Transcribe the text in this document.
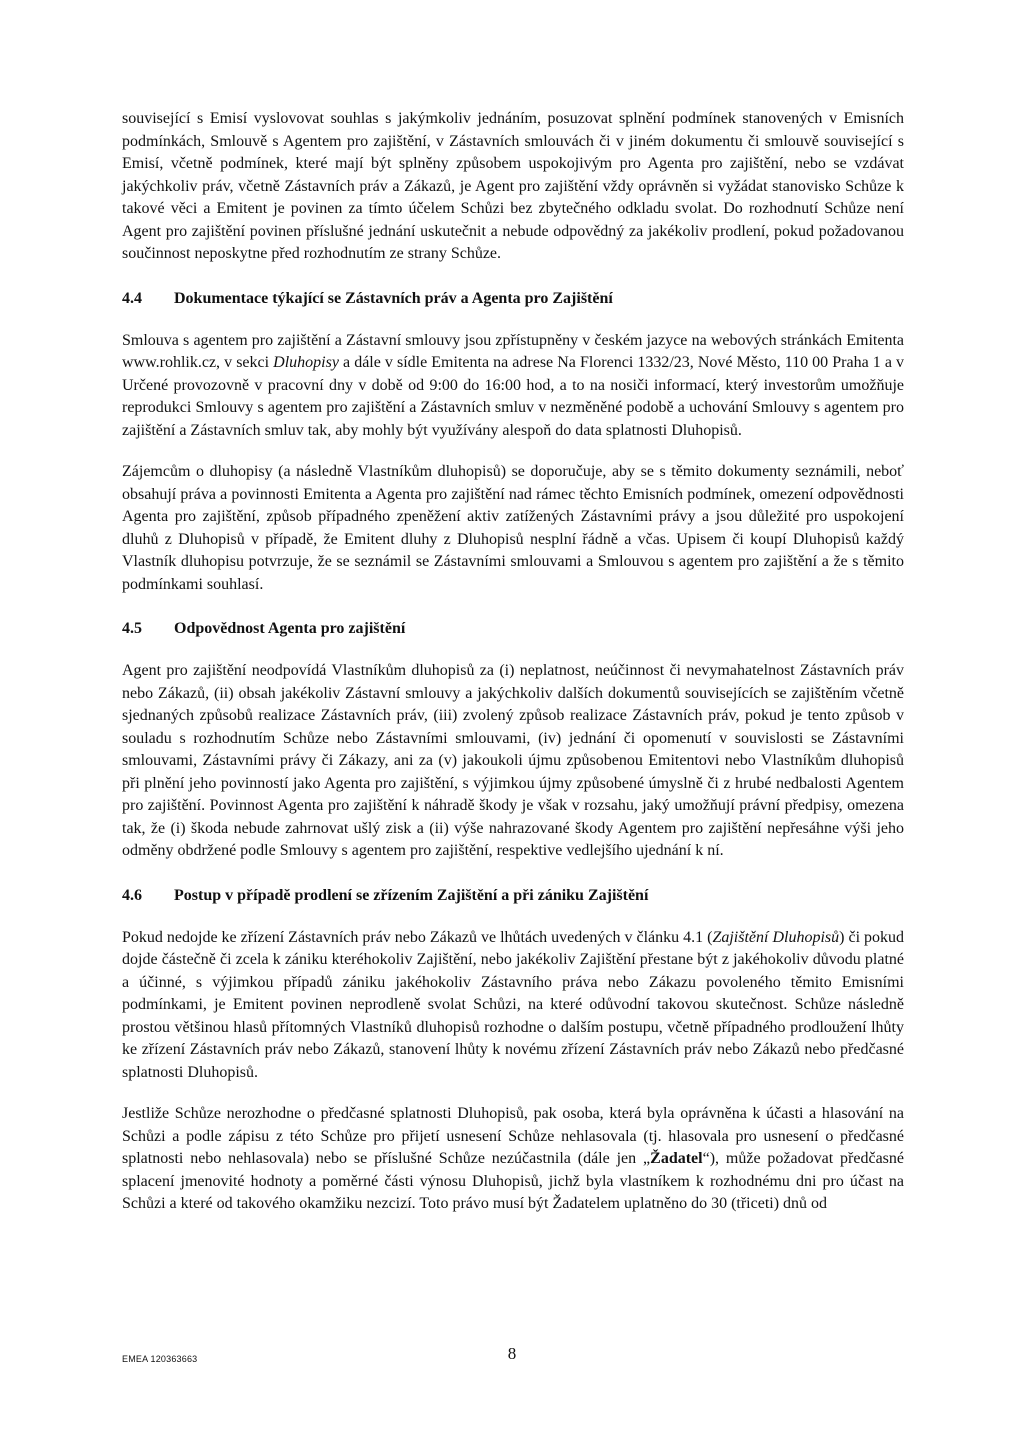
související s Emisí vyslovovat souhlas s jakýmkoliv jednáním, posuzovat splnění podmínek stanovených v Emisních podmínkách, Smlouvě s Agentem pro zajištění, v Zástavních smlouvách či v jiném dokumentu či smlouvě související s Emisí, včetně podmínek, které mají být splněny způsobem uspokojivým pro Agenta pro zajištění, nebo se vzdávat jakýchkoliv práv, včetně Zástavních práv a Zákazů, je Agent pro zajištění vždy oprávněn si vyžádat stanovisko Schůze k takové věci a Emitent je povinen za tímto účelem Schůzi bez zbytečného odkladu svolat. Do rozhodnutí Schůze není Agent pro zajištění povinen příslušné jednání uskutečnit a nebude odpovědný za jakékoliv prodlení, pokud požadovanou součinnost neposkytne před rozhodnutím ze strany Schůze.

4.4	Dokumentace týkající se Zástavních práv a Agenta pro Zajištění

Smlouva s agentem pro zajištění a Zástavní smlouvy jsou zpřístupněny v českém jazyce na webových stránkách Emitenta www.rohlik.cz, v sekci Dluhopisy a dále v sídle Emitenta na adrese Na Florenci 1332/23, Nové Město, 110 00 Praha 1 a v Určené provozovně v pracovní dny v době od 9:00 do 16:00 hod, a to na nosiči informací, který investorům umožňuje reprodukci Smlouvy s agentem pro zajištění a Zástavních smluv v nezměněné podobě a uchování Smlouvy s agentem pro zajištění a Zástavních smluv tak, aby mohly být využívány alespoň do data splatnosti Dluhopisů.

Zájemcům o dluhopisy (a následně Vlastníkům dluhopisů) se doporučuje, aby se s těmito dokumenty seznámili, neboť obsahují práva a povinnosti Emitenta a Agenta pro zajištění nad rámec těchto Emisních podmínek, omezení odpovědnosti Agenta pro zajištění, způsob případného zpeněžení aktiv zatížených Zástavními právy a jsou důležité pro uspokojení dluhů z Dluhopisů v případě, že Emitent dluhy z Dluhopisů nesplní řádně a včas. Upisem či koupí Dluhopisů každý Vlastník dluhopisu potvrzuje, že se seznámil se Zástavními smlouvami a Smlouvou s agentem pro zajištění a že s těmito podmínkami souhlasí.

4.5	Odpovědnost Agenta pro zajištění

Agent pro zajištění neodpovídá Vlastníkům dluhopisů za (i) neplatnost, neúčinnost či nevymahatelnost Zástavních práv nebo Zákazů, (ii) obsah jakékoliv Zástavní smlouvy a jakýchkoliv dalších dokumentů souvisejících se zajištěním včetně sjednaných způsobů realizace Zástavních práv, (iii) zvolený způsob realizace Zástavních práv, pokud je tento způsob v souladu s rozhodnutím Schůze nebo Zástavními smlouvami, (iv) jednání či opomenutí v souvislosti se Zástavními smlouvami, Zástavními právy či Zákazy, ani za (v) jakoukoli újmu způsobenou Emitentovi nebo Vlastníkům dluhopisů při plnění jeho povinností jako Agenta pro zajištění, s výjimkou újmy způsobené úmyslně či z hrubé nedbalosti Agentem pro zajištění. Povinnost Agenta pro zajištění k náhradě škody je však v rozsahu, jaký umožňují právní předpisy, omezena tak, že (i) škoda nebude zahrnovat ušlý zisk a (ii) výše nahrazované škody Agentem pro zajištění nepřesáhne výši jeho odměny obdržené podle Smlouvy s agentem pro zajištění, respektive vedlejšího ujednání k ní.

4.6	Postup v případě prodlení se zřízením Zajištění a při zániku Zajištění

Pokud nedojde ke zřízení Zástavních práv nebo Zákazů ve lhůtách uvedených v článku 4.1 (Zajištění Dluhopisů) či pokud dojde částečně či zcela k zániku kteréhokoliv Zajištění, nebo jakékoliv Zajištění přestane být z jakéhokoliv důvodu platné a účinné, s výjimkou případů zániku jakéhokoliv Zástavního práva nebo Zákazu povoleného těmito Emisními podmínkami, je Emitent povinen neprodleně svolat Schůzi, na které odůvodní takovou skutečnost. Schůze následně prostou většinou hlasů přítomných Vlastníků dluhopisů rozhodne o dalším postupu, včetně případného prodloužení lhůty ke zřízení Zástavních práv nebo Zákazů, stanovení lhůty k novému zřízení Zástavních práv nebo Zákazů nebo předčasné splatnosti Dluhopisů.

Jestliže Schůze nerozhodne o předčasné splatnosti Dluhopisů, pak osoba, která byla oprávněna k účasti a hlasování na Schůzi a podle zápisu z této Schůze pro přijetí usnesení Schůze nehlasovala (tj. hlasovala pro usnesení o předčasné splatnosti nebo nehlasovala) nebo se příslušné Schůze nezúčastnila (dále jen „Žadatel“), může požadovat předčasné splacení jmenovité hodnoty a poměrné části výnosu Dluhopisů, jichž byla vlastníkem k rozhodnému dni pro účast na Schůzi a které od takového okamžiku nezcizí. Toto právo musí být Žadatelem uplatněno do 30 (třiceti) dnů od

EMEA 120363663	8
